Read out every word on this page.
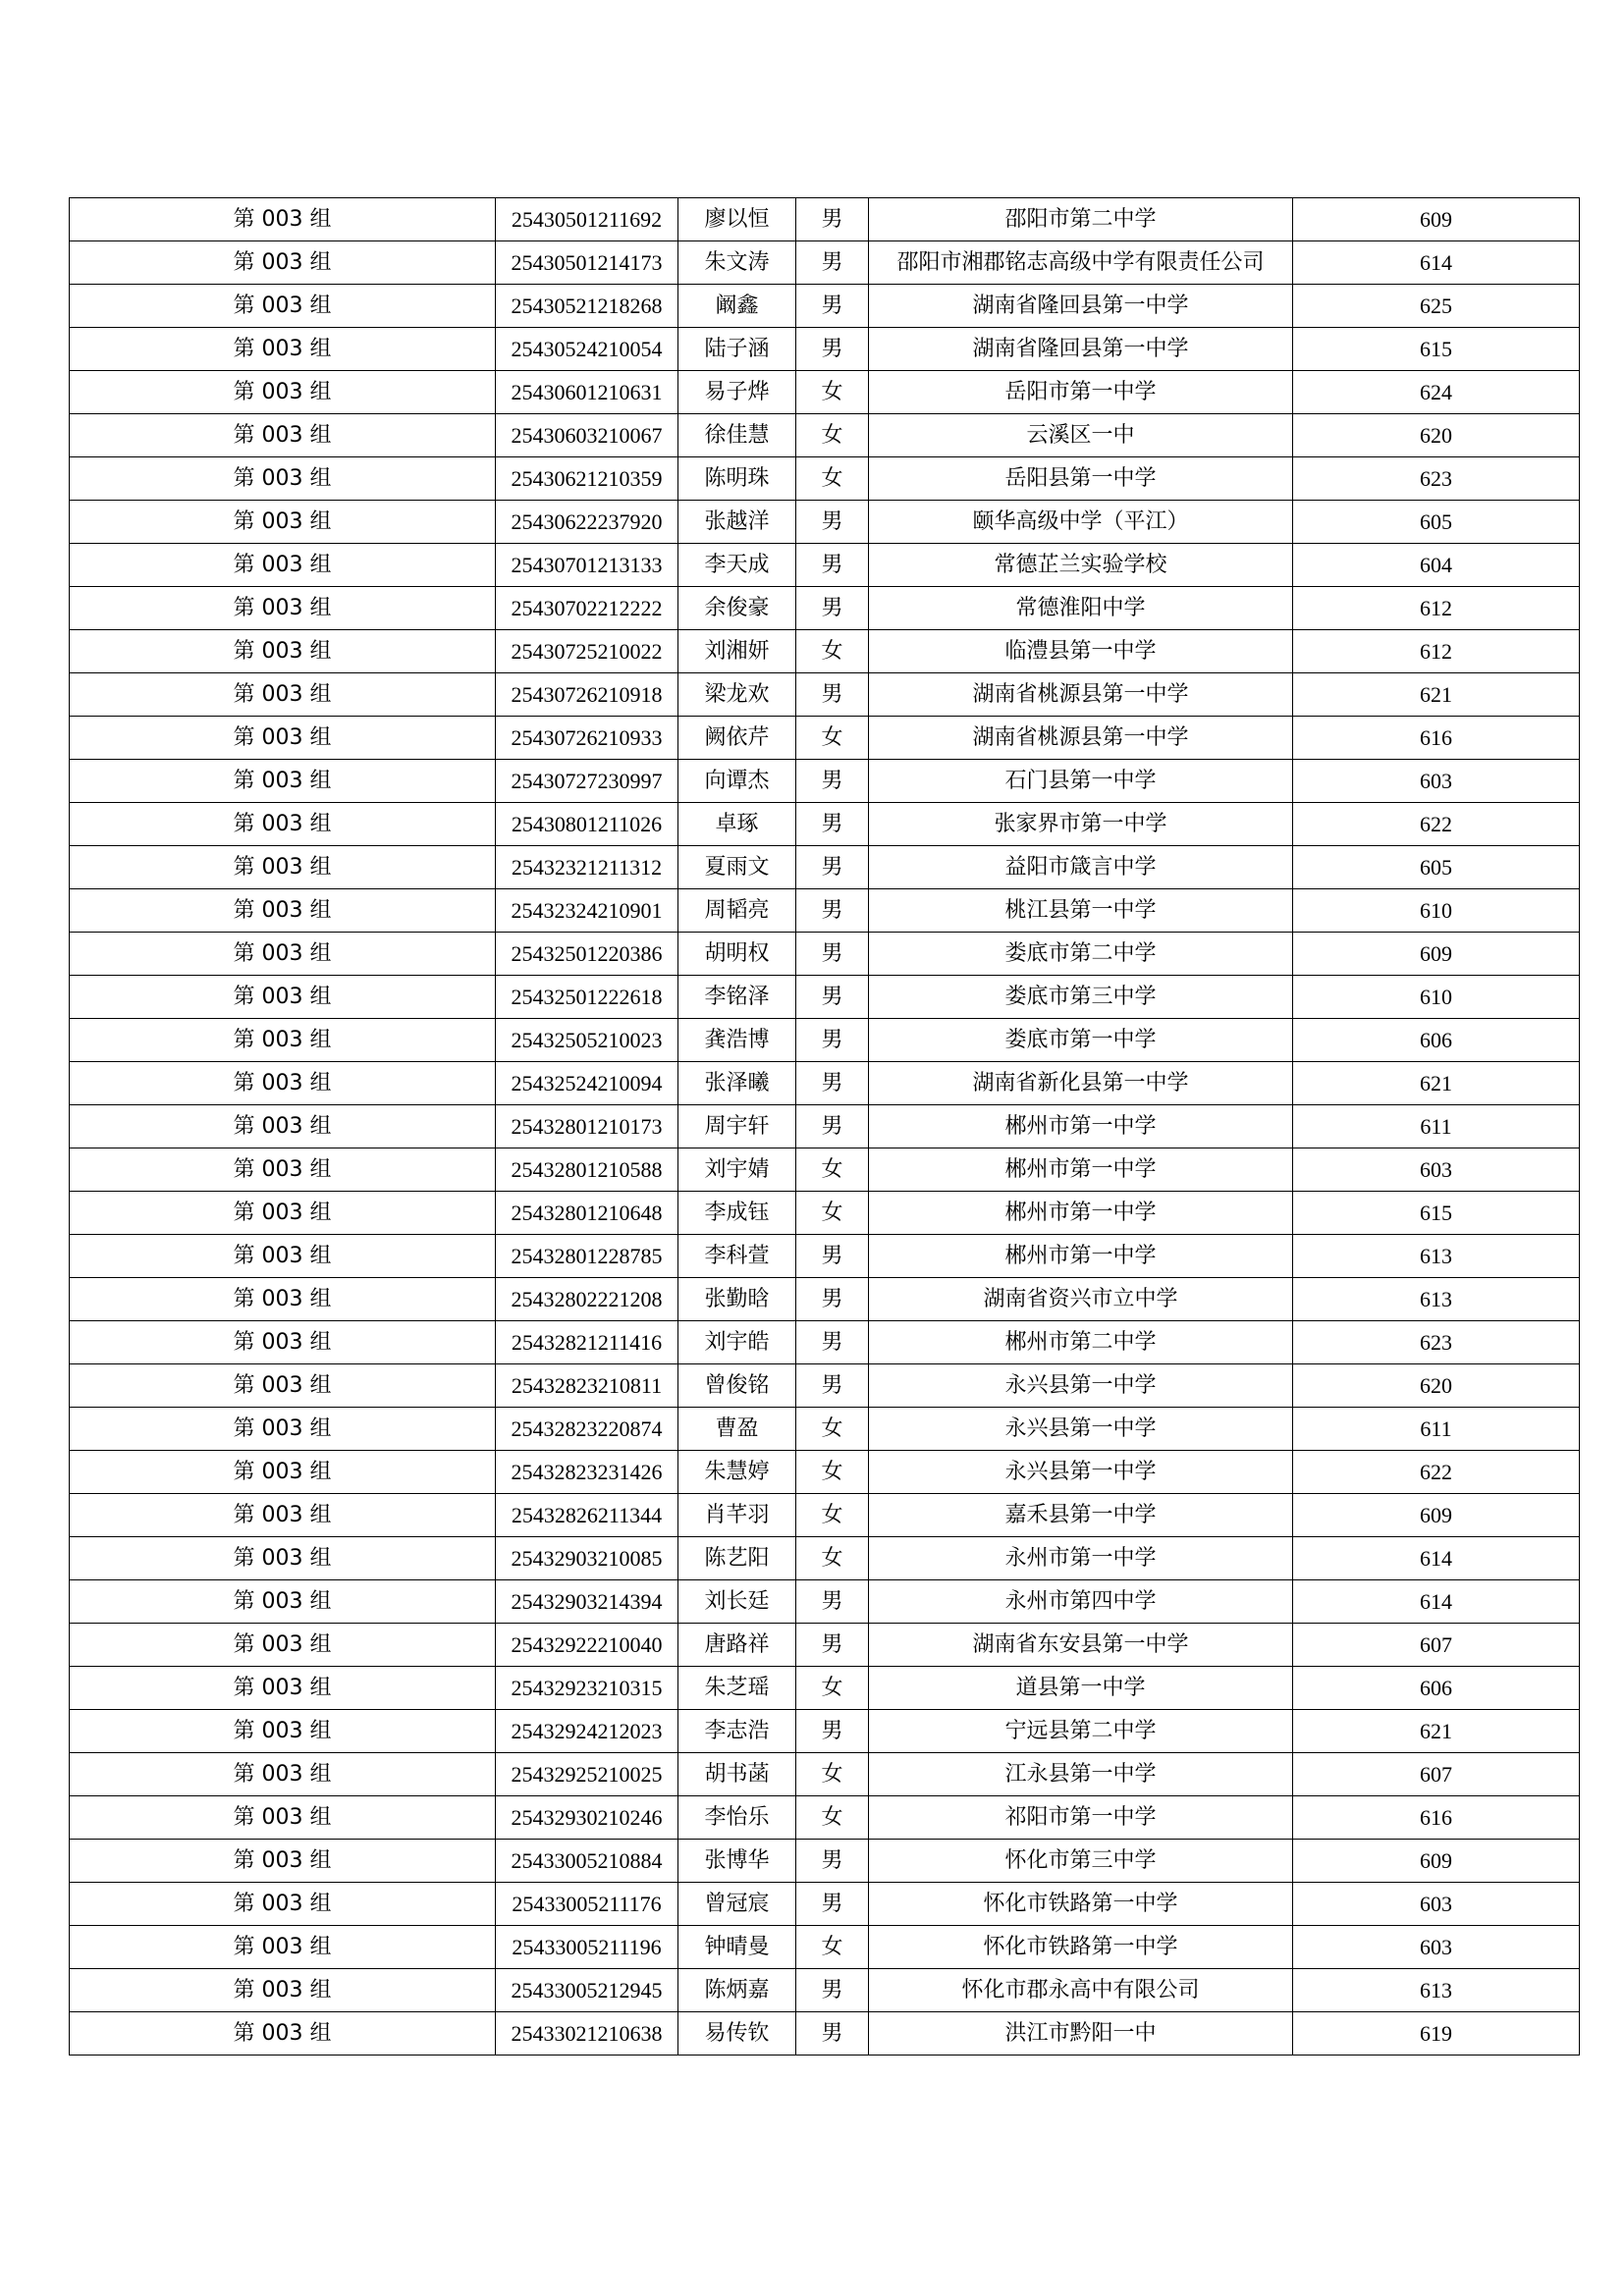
第 003 组	25430501211692	廖以恒	男	邵阳市第二中学	609
第 003 组	25430501214173	朱文涛	男	邵阳市湘郡铭志高级中学有限责任公司	614
第 003 组	25430521218268	阚鑫	男	湖南省隆回县第一中学	625
第 003 组	25430524210054	陆子涵	男	湖南省隆回县第一中学	615
第 003 组	25430601210631	易子烨	女	岳阳市第一中学	624
第 003 组	25430603210067	徐佳慧	女	云溪区一中	620
第 003 组	25430621210359	陈明珠	女	岳阳县第一中学	623
第 003 组	25430622237920	张越洋	男	颐华高级中学（平江）	605
第 003 组	25430701213133	李天成	男	常德芷兰实验学校	604
第 003 组	25430702212222	余俊豪	男	常德淮阳中学	612
第 003 组	25430725210022	刘湘妍	女	临澧县第一中学	612
第 003 组	25430726210918	梁龙欢	男	湖南省桃源县第一中学	621
第 003 组	25430726210933	阙依芹	女	湖南省桃源县第一中学	616
第 003 组	25430727230997	向谭杰	男	石门县第一中学	603
第 003 组	25430801211026	卓琢	男	张家界市第一中学	622
第 003 组	25432321211312	夏雨文	男	益阳市箴言中学	605
第 003 组	25432324210901	周韬亮	男	桃江县第一中学	610
第 003 组	25432501220386	胡明权	男	娄底市第二中学	609
第 003 组	25432501222618	李铭泽	男	娄底市第三中学	610
第 003 组	25432505210023	龚浩博	男	娄底市第一中学	606
第 003 组	25432524210094	张泽曦	男	湖南省新化县第一中学	621
第 003 组	25432801210173	周宇轩	男	郴州市第一中学	611
第 003 组	25432801210588	刘宇婧	女	郴州市第一中学	603
第 003 组	25432801210648	李成钰	女	郴州市第一中学	615
第 003 组	25432801228785	李科萱	男	郴州市第一中学	613
第 003 组	25432802221208	张勤晗	男	湖南省资兴市立中学	613
第 003 组	25432821211416	刘宇皓	男	郴州市第二中学	623
第 003 组	25432823210811	曾俊铭	男	永兴县第一中学	620
第 003 组	25432823220874	曹盈	女	永兴县第一中学	611
第 003 组	25432823231426	朱慧婷	女	永兴县第一中学	622
第 003 组	25432826211344	肖芊羽	女	嘉禾县第一中学	609
第 003 组	25432903210085	陈艺阳	女	永州市第一中学	614
第 003 组	25432903214394	刘长廷	男	永州市第四中学	614
第 003 组	25432922210040	唐路祥	男	湖南省东安县第一中学	607
第 003 组	25432923210315	朱芝瑶	女	道县第一中学	606
第 003 组	25432924212023	李志浩	男	宁远县第二中学	621
第 003 组	25432925210025	胡书菡	女	江永县第一中学	607
第 003 组	25432930210246	李怡乐	女	祁阳市第一中学	616
第 003 组	25433005210884	张博华	男	怀化市第三中学	609
第 003 组	25433005211176	曾冠宸	男	怀化市铁路第一中学	603
第 003 组	25433005211196	钟晴曼	女	怀化市铁路第一中学	603
第 003 组	25433005212945	陈炳嘉	男	怀化市郡永高中有限公司	613
第 003 组	25433021210638	易传钦	男	洪江市黔阳一中	619
